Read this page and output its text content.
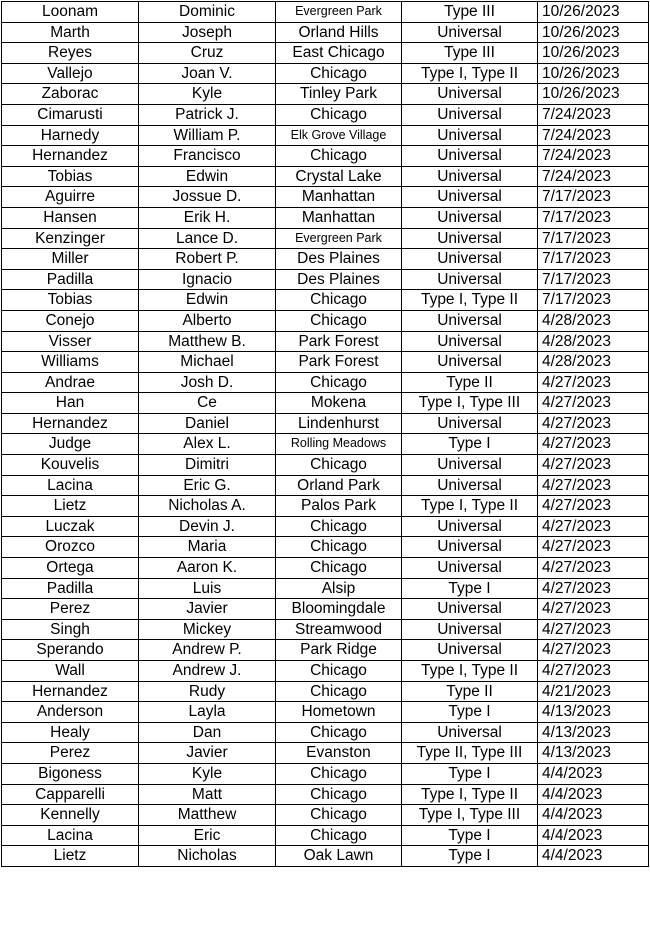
Loonam	Dominic	Evergreen Park	Type III	10/26/2023
Marth	Joseph	Orland Hills	Universal	10/26/2023
Reyes	Cruz	East Chicago	Type III	10/26/2023
Vallejo	Joan V.	Chicago	Type I, Type II	10/26/2023
Zaborac	Kyle	Tinley Park	Universal	10/26/2023
Cimarusti	Patrick J.	Chicago	Universal	7/24/2023
Harnedy	William P.	Elk Grove Village	Universal	7/24/2023
Hernandez	Francisco	Chicago	Universal	7/24/2023
Tobias	Edwin	Crystal Lake	Universal	7/24/2023
Aguirre	Jossue D.	Manhattan	Universal	7/17/2023
Hansen	Erik H.	Manhattan	Universal	7/17/2023
Kenzinger	Lance D.	Evergreen Park	Universal	7/17/2023
Miller	Robert P.	Des Plaines	Universal	7/17/2023
Padilla	Ignacio	Des Plaines	Universal	7/17/2023
Tobias	Edwin	Chicago	Type I, Type II	7/17/2023
Conejo	Alberto	Chicago	Universal	4/28/2023
Visser	Matthew B.	Park Forest	Universal	4/28/2023
Williams	Michael	Park Forest	Universal	4/28/2023
Andrae	Josh D.	Chicago	Type II	4/27/2023
Han	Ce	Mokena	Type I, Type III	4/27/2023
Hernandez	Daniel	Lindenhurst	Universal	4/27/2023
Judge	Alex L.	Rolling Meadows	Type I	4/27/2023
Kouvelis	Dimitri	Chicago	Universal	4/27/2023
Lacina	Eric G.	Orland Park	Universal	4/27/2023
Lietz	Nicholas A.	Palos Park	Type I, Type II	4/27/2023
Luczak	Devin J.	Chicago	Universal	4/27/2023
Orozco	Maria	Chicago	Universal	4/27/2023
Ortega	Aaron K.	Chicago	Universal	4/27/2023
Padilla	Luis	Alsip	Type I	4/27/2023
Perez	Javier	Bloomingdale	Universal	4/27/2023
Singh	Mickey	Streamwood	Universal	4/27/2023
Sperando	Andrew P.	Park Ridge	Universal	4/27/2023
Wall	Andrew J.	Chicago	Type I, Type II	4/27/2023
Hernandez	Rudy	Chicago	Type II	4/21/2023
Anderson	Layla	Hometown	Type I	4/13/2023
Healy	Dan	Chicago	Universal	4/13/2023
Perez	Javier	Evanston	Type II, Type III	4/13/2023
Bigoness	Kyle	Chicago	Type I	4/4/2023
Capparelli	Matt	Chicago	Type I, Type II	4/4/2023
Kennelly	Matthew	Chicago	Type I, Type III	4/4/2023
Lacina	Eric	Chicago	Type I	4/4/2023
Lietz	Nicholas	Oak Lawn	Type I	4/4/2023
